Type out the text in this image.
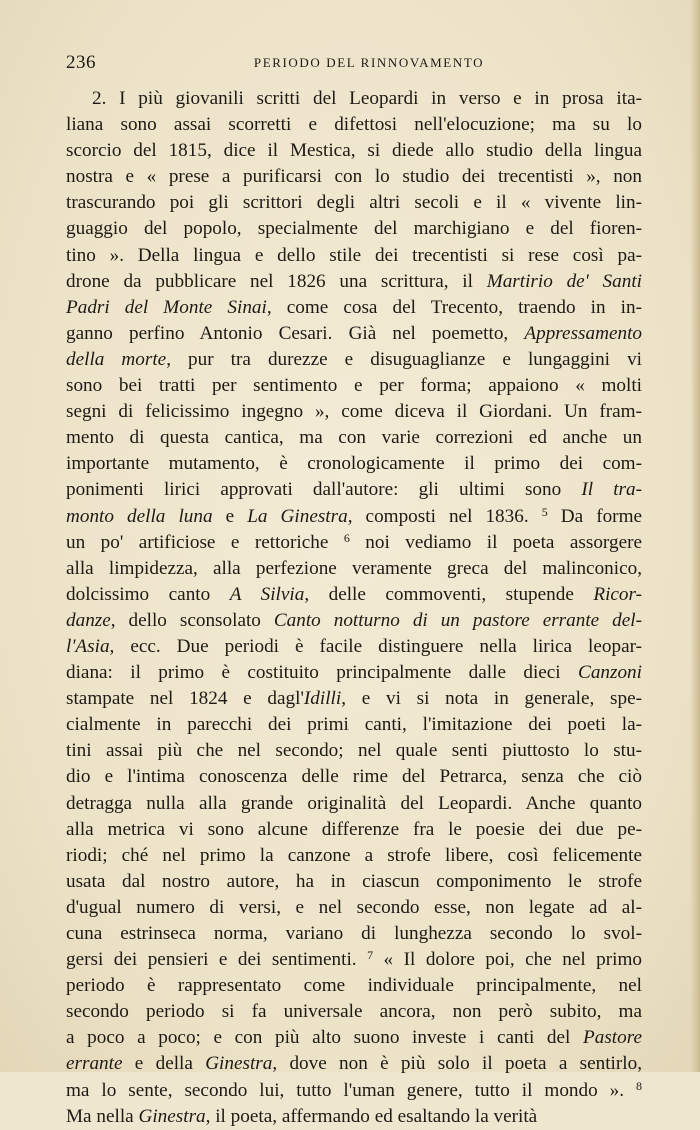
236	PERIODO DEL RINNOVAMENTO
2. I più giovanili scritti del Leopardi in verso e in prosa ita-
liana sono assai scorretti e difettosi nell'elocuzione; ma su lo
scorcio del 1815, dice il Mestica, si diede allo studio della lingua
nostra e « prese a purificarsi con lo studio dei trecentisti », non
trascurando poi gli scrittori degli altri secoli e il « vivente lin-
guaggio del popolo, specialmente del marchigiano e del fioren-
tino ». Della lingua e dello stile dei trecentisti si rese così pa-
drone da pubblicare nel 1826 una scrittura, il Martirio de' Santi
Padri del Monte Sinai, come cosa del Trecento, traendo in in-
ganno perfino Antonio Cesari. Già nel poemetto, Appressamento
della morte, pur tra durezze e disuguaglianze e lungaggini vi
sono bei tratti per sentimento e per forma; appaiono « molti
segni di felicissimo ingegno », come diceva il Giordani. Un fram-
mento di questa cantica, ma con varie correzioni ed anche un
importante mutamento, è cronologicamente il primo dei com-
ponimenti lirici approvati dall'autore: gli ultimi sono Il tra-
monto della luna e La Ginestra, composti nel 1836. $^5$ Da forme
un po' artificiose e rettoriche $^6$ noi vediamo il poeta assorgere
alla limpidezza, alla perfezione veramente greca del malinconico,
dolcissimo canto A Silvia, delle commoventi, stupende Ricor-
danze, dello sconsolato Canto notturno di un pastore errante del-
l'Asia, ecc. Due periodi è facile distinguere nella lirica leopar-
diana: il primo è costituito principalmente dalle dieci Canzoni
stampate nel 1824 e dagl'Idilli, e vi si nota in generale, spe-
cialmente in parecchi dei primi canti, l'imitazione dei poeti la-
tini assai più che nel secondo; nel quale senti piuttosto lo stu-
dio e l'intima conoscenza delle rime del Petrarca, senza che ciò
detragga nulla alla grande originalità del Leopardi. Anche quanto
alla metrica vi sono alcune differenze fra le poesie dei due pe-
riodi; ché nel primo la canzone a strofe libere, così felicemente
usata dal nostro autore, ha in ciascun componimento le strofe
d'ugual numero di versi, e nel secondo esse, non legate ad al-
cuna estrinseca norma, variano di lunghezza secondo lo svol-
gersi dei pensieri e dei sentimenti. $^7$ « Il dolore poi, che nel primo
periodo è rappresentato come individuale principalmente, nel
secondo periodo si fa universale ancora, non però subito, ma
a poco a poco; e con più alto suono investe i canti del Pastore
errante e della Ginestra, dove non è più solo il poeta a sentirlo,
ma lo sente, secondo lui, tutto l'uman genere, tutto il mondo ». $^8$
Ma nella Ginestra, il poeta, affermando ed esaltando la verità
